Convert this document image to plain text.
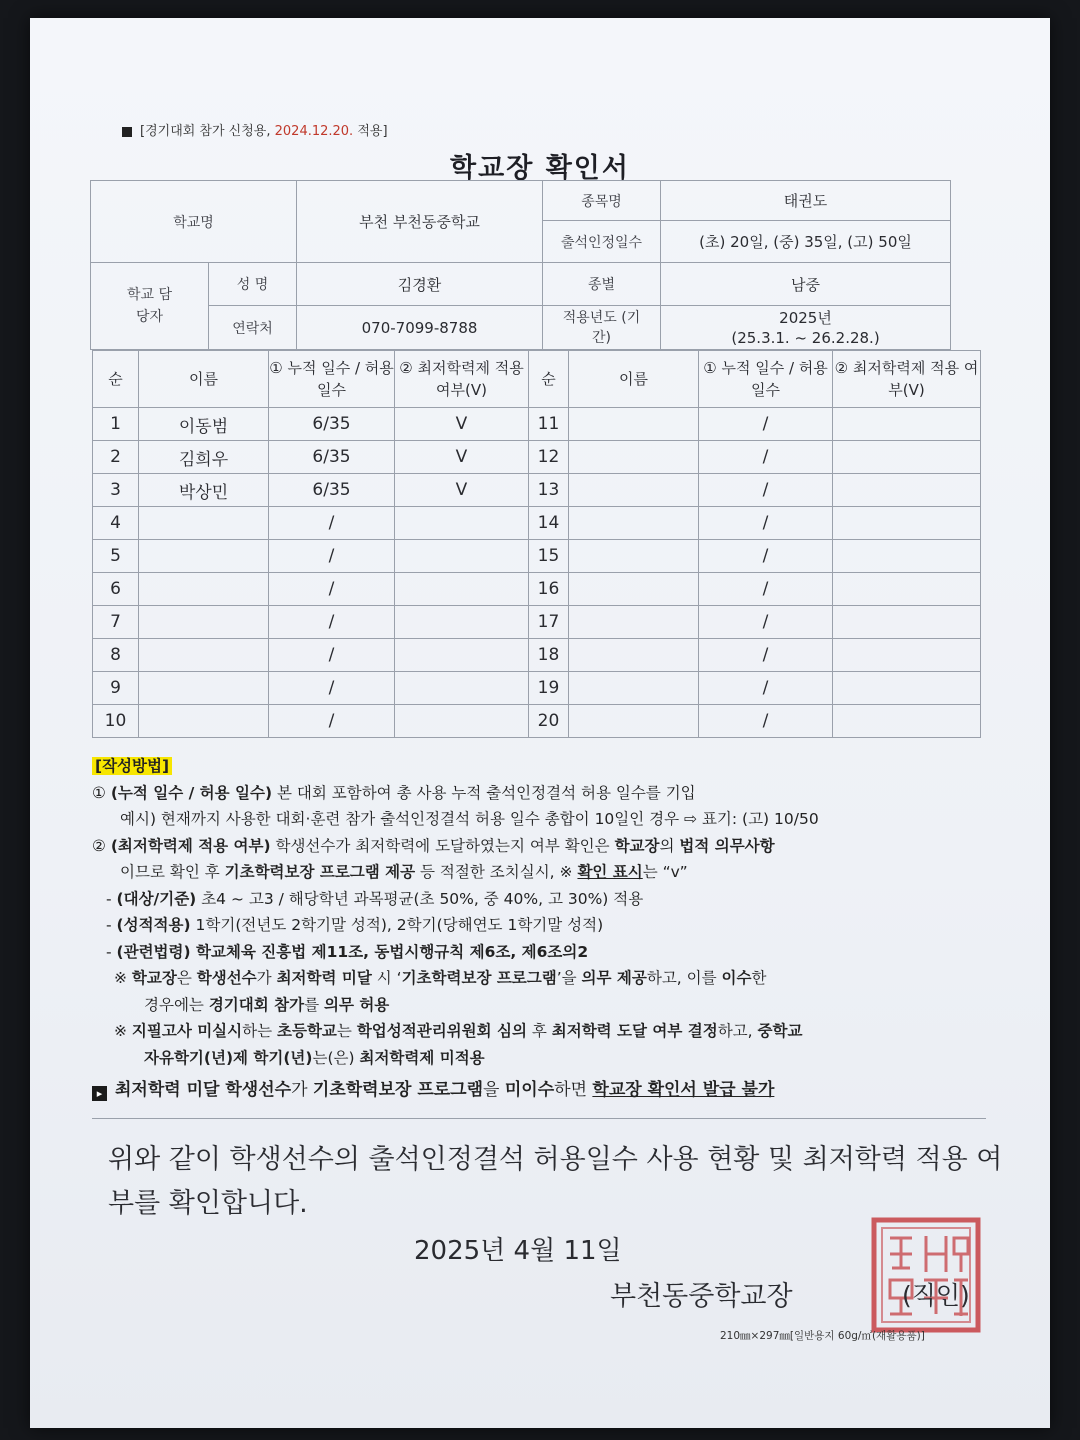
[경기대회 참가 신청용, 2024.12.20. 적용]
학교장 확인서
학교명		부천 부천동중학교	종목명	태권도
			출석인정일수	(초) 20일, (중) 35일, (고) 50일
학교 담당자	성 명	김경환	종별	남중
	연락처	070-7099-8788	적용년도 (기간)	2025년
(25.3.1. ~ 26.2.28.)
순	이름	① 누적 일수 / 허용 일수	② 최저학력제 적용 여부(V)	순	이름	① 누적 일수 / 허용 일수	② 최저학력제 적용 여부(V)
1	이동범	6/35	V	11		/	
2	김희우	6/35	V	12		/	
3	박상민	6/35	V	13		/	
4		/		14		/	
5		/		15		/	
6		/		16		/	
7		/		17		/	
8		/		18		/	
9		/		19		/	
10		/		20		/	
[작성방법]
① (누적 일수 / 허용 일수) 본 대회 포함하여 총 사용 누적 출석인정결석 허용 일수를 기입
예시) 현재까지 사용한 대회·훈련 참가 출석인정결석 허용 일수 총합이 10일인 경우 ⇨ 표기: (고) 10/50
② (최저학력제 적용 여부) 학생선수가 최저학력에 도달하였는지 여부 확인은 학교장의 법적 의무사항
이므로 확인 후 기초학력보장 프로그램 제공 등 적절한 조치실시, ※ 확인 표시는 “v”
- (대상/기준) 초4 ~ 고3 / 해당학년 과목평균(초 50%, 중 40%, 고 30%) 적용
- (성적적용) 1학기(전년도 2학기말 성적), 2학기(당해연도 1학기말 성적)
- (관련법령) 학교체육 진흥법 제11조, 동법시행규칙 제6조, 제6조의2
※ 학교장은 학생선수가 최저학력 미달 시 ‘기초학력보장 프로그램’을 의무 제공하고, 이를 이수한
경우에는 경기대회 참가를 의무 허용
※ 지필고사 미실시하는 초등학교는 학업성적관리위원회 심의 후 최저학력 도달 여부 결정하고, 중학교
자유학기(년)제 학기(년)는(은) 최저학력제 미적용
▸ 최저학력 미달 학생선수가 기초학력보장 프로그램을 미이수하면 학교장 확인서 발급 불가
위와 같이 학생선수의 출석인정결석 허용일수 사용 현황 및 최저학력 적용 여부를 확인합니다.
2025년 4월 11일
부천동중학교장	(직인)
210㎜×297㎜[일반용지 60g/㎡(재활용품)]
